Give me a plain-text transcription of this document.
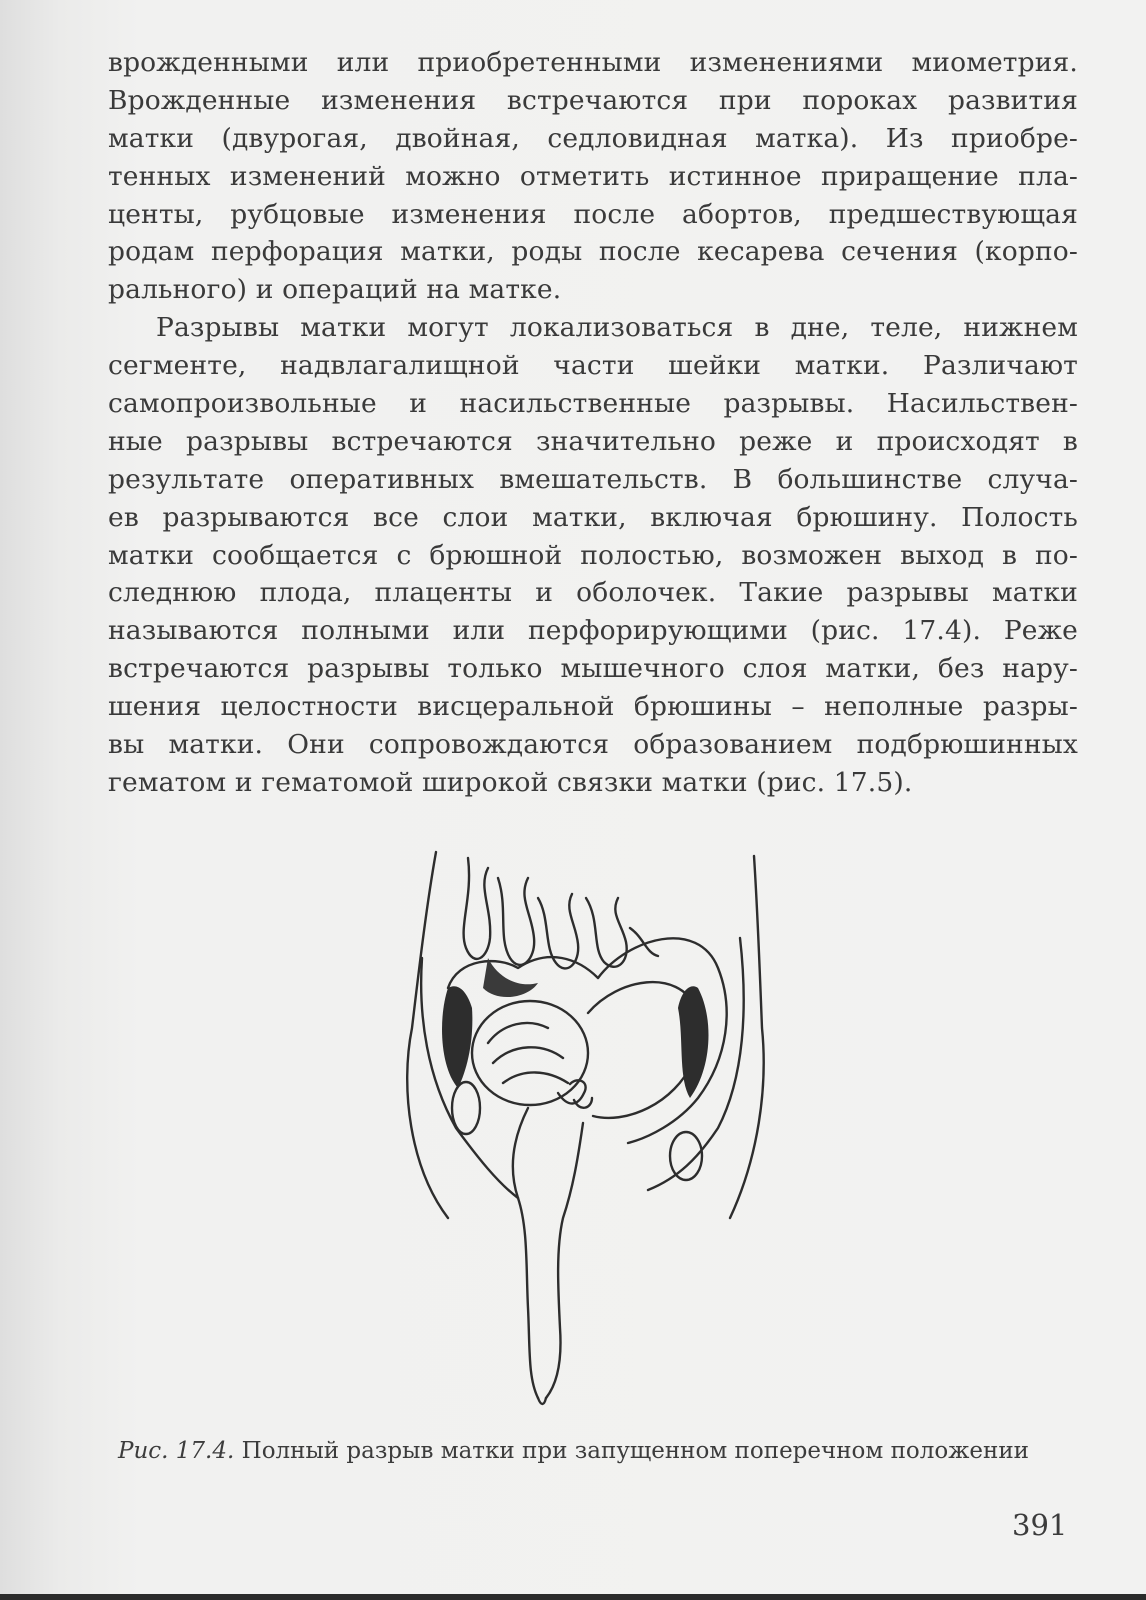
врожденными или приобретенными изменениями миометрия.
Врожденные изменения встречаются при пороках развития
матки (двурогая, двойная, седловидная матка). Из приобре-
тенных изменений можно отметить истинное приращение пла-
центы, рубцовые изменения после абортов, предшествующая
родам перфорация матки, роды после кесарева сечения (корпо-
рального) и операций на матке.
Разрывы матки могут локализоваться в дне, теле, нижнем
сегменте, надвлагалищной части шейки матки. Различают
самопроизвольные и насильственные разрывы. Насильствен-
ные разрывы встречаются значительно реже и происходят в
результате оперативных вмешательств. В большинстве случа-
ев разрываются все слои матки, включая брюшину. Полость
матки сообщается с брюшной полостью, возможен выход в по-
следнюю плода, плаценты и оболочек. Такие разрывы матки
называются полными или перфорирующими (рис. 17.4). Реже
встречаются разрывы только мышечного слоя матки, без нару-
шения целостности висцеральной брюшины – неполные разры-
вы матки. Они сопровождаются образованием подбрюшинных
гематом и гематомой широкой связки матки (рис. 17.5).
Рис. 17.4. Полный разрыв матки при запущенном поперечном положении
391
